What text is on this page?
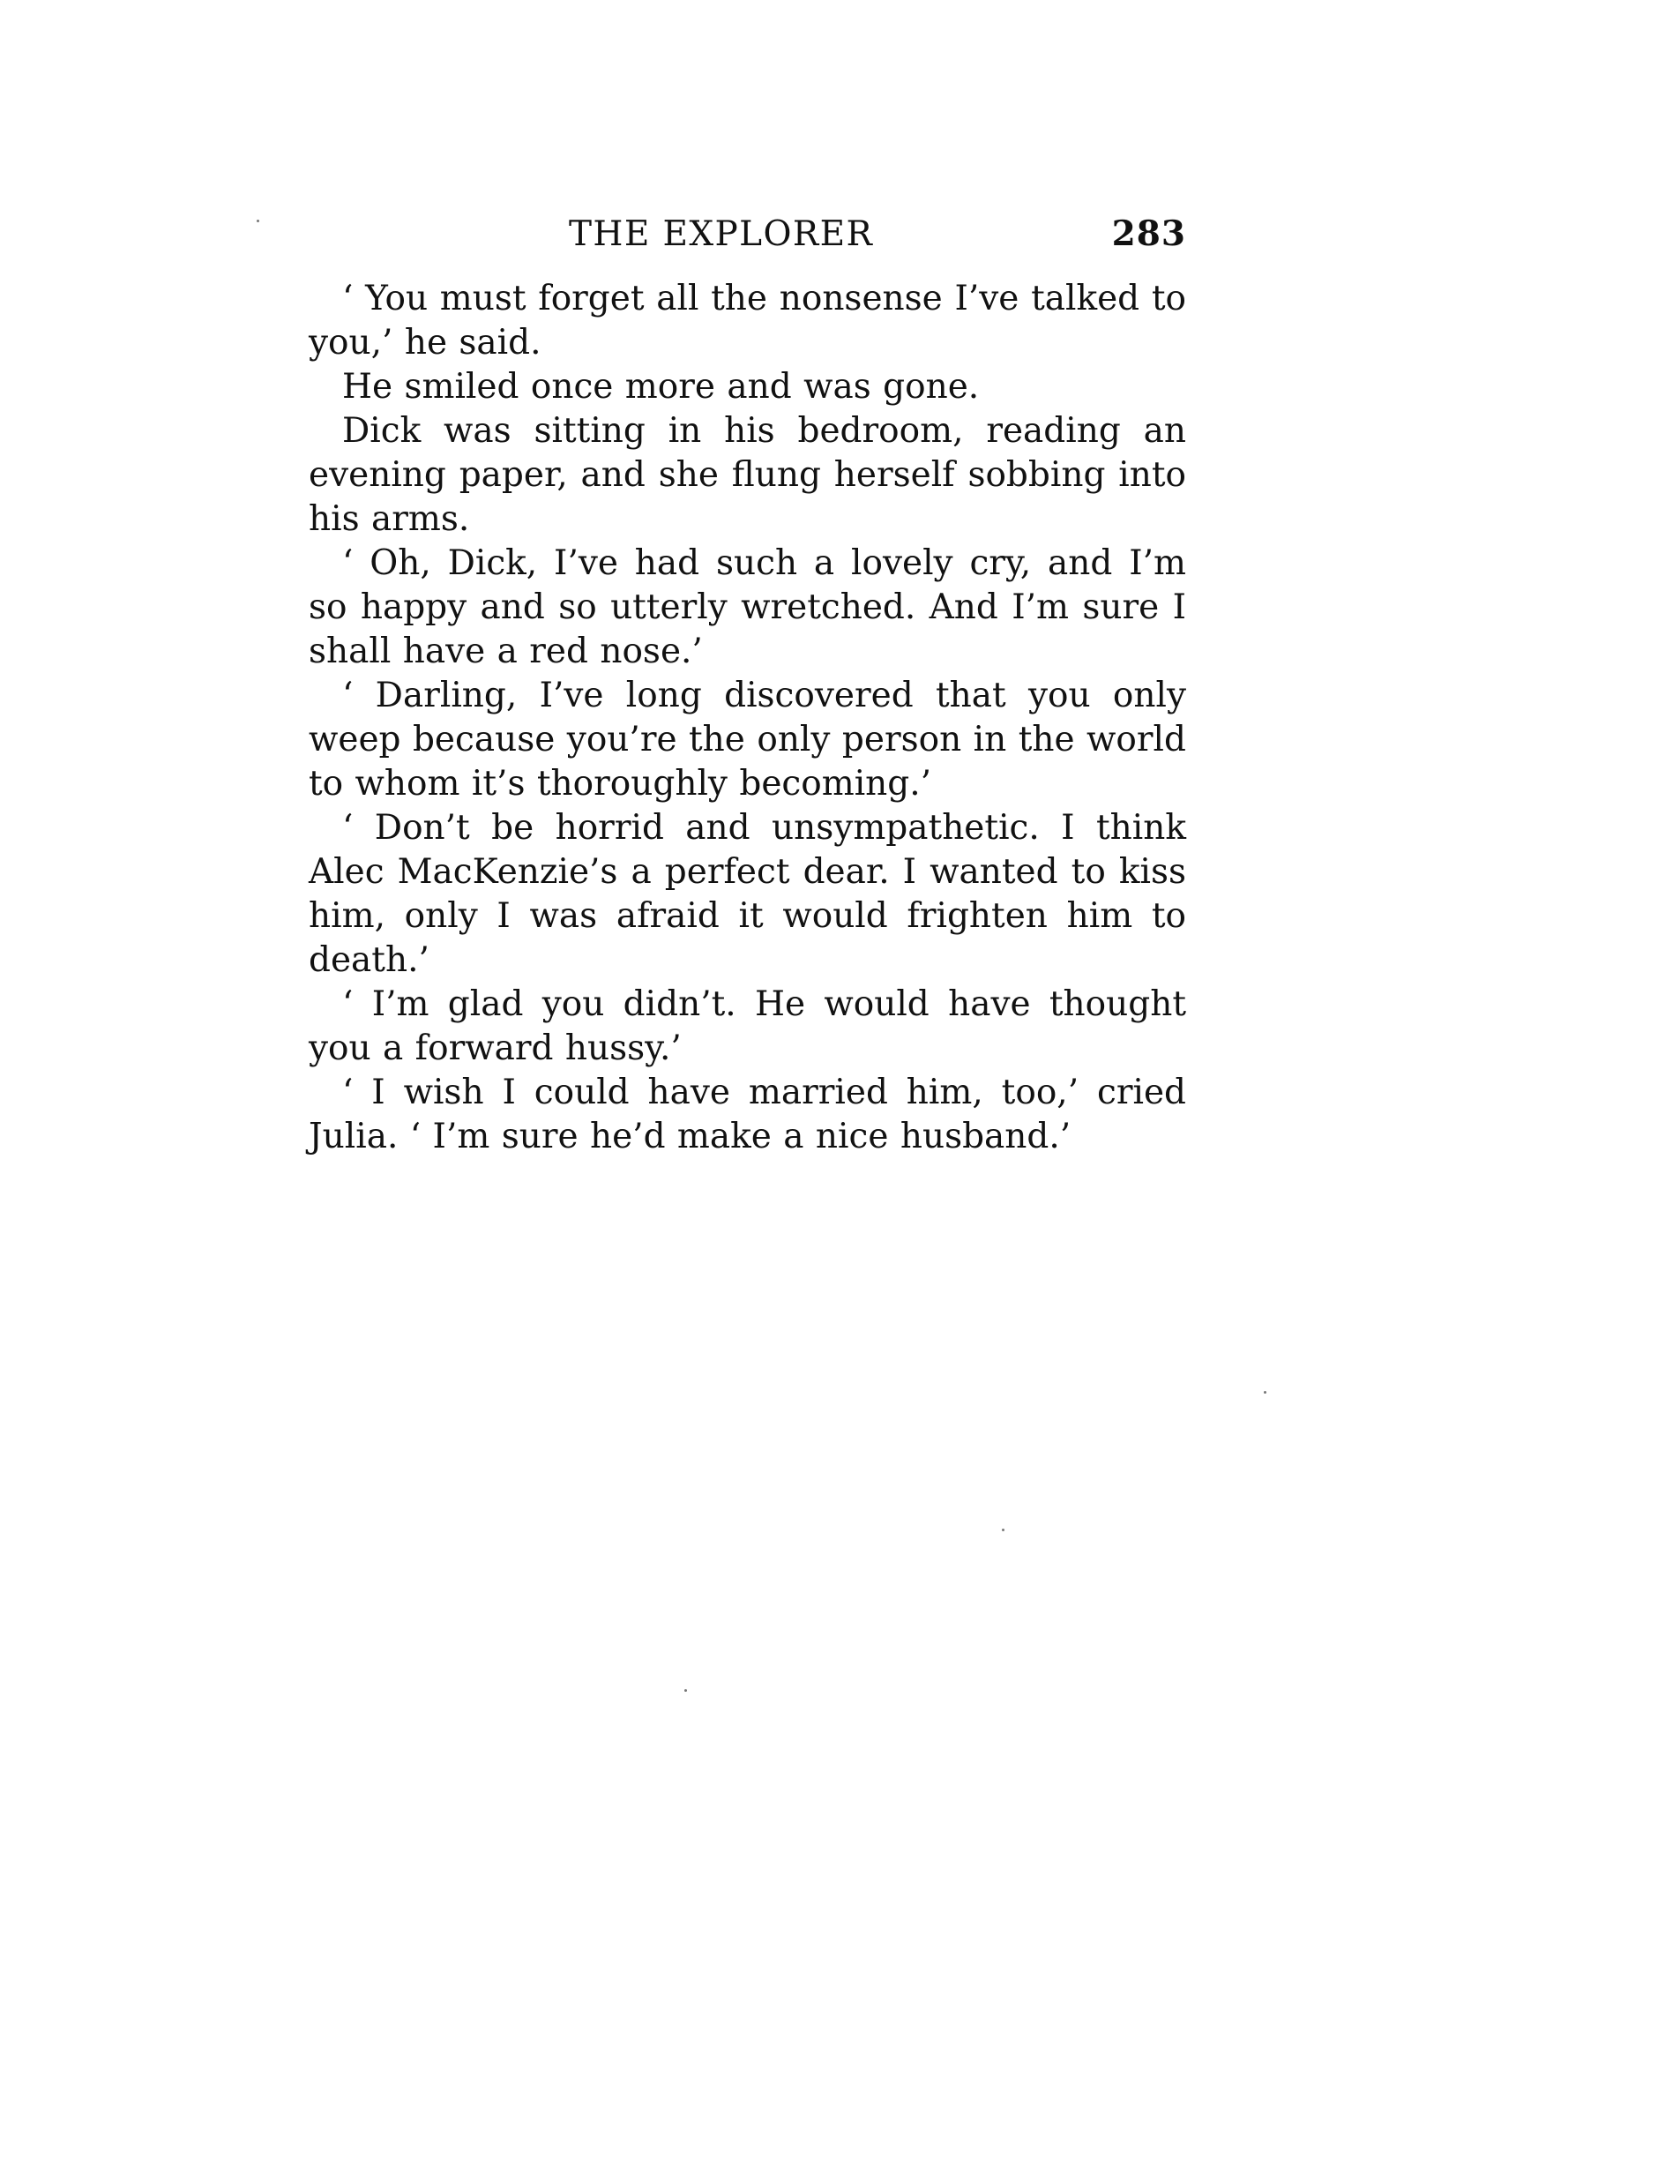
THE EXPLORER	283

‘ You must forget all the nonsense I’ve talked to you,’ he said.

He smiled once more and was gone.

Dick was sitting in his bedroom, reading an evening paper, and she flung herself sobbing into his arms.

‘ Oh, Dick, I’ve had such a lovely cry, and I’m so happy and so utterly wretched. And I’m sure I shall have a red nose.’

‘ Darling, I’ve long discovered that you only weep because you’re the only person in the world to whom it’s thoroughly becoming.’

‘ Don’t be horrid and unsympathetic. I think Alec MacKenzie’s a perfect dear. I wanted to kiss him, only I was afraid it would frighten him to death.’

‘ I’m glad you didn’t. He would have thought you a forward hussy.’

‘ I wish I could have married him, too,’ cried Julia. ‘ I’m sure he’d make a nice husband.’
